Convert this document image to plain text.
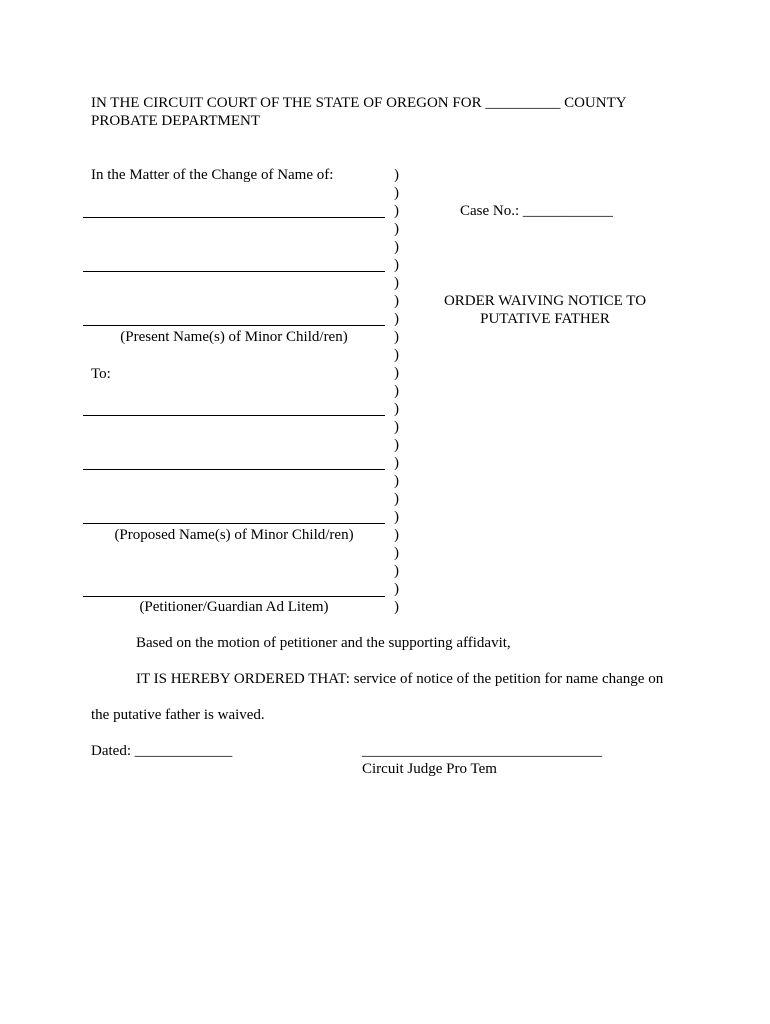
IN THE CIRCUIT COURT OF THE STATE OF OREGON FOR __________ COUNTY
PROBATE DEPARTMENT
In the Matter of the Change of Name of:
(Present Name(s) of Minor Child/ren)
To:
(Proposed Name(s) of Minor Child/ren)
(Petitioner/Guardian Ad Litem)
)
)
)
)
)
)
)
)
)
)
)
)
)
)
)
)
)
)
)
)
)
)
)
)
)
Case No.: ____________
ORDER WAIVING NOTICE TO
PUTATIVE FATHER
Based on the motion of petitioner and the supporting affidavit,
IT IS HEREBY ORDERED THAT: service of notice of the petition for name change on
the putative father is waived.
Dated: _____________	________________________________
Circuit Judge Pro Tem
